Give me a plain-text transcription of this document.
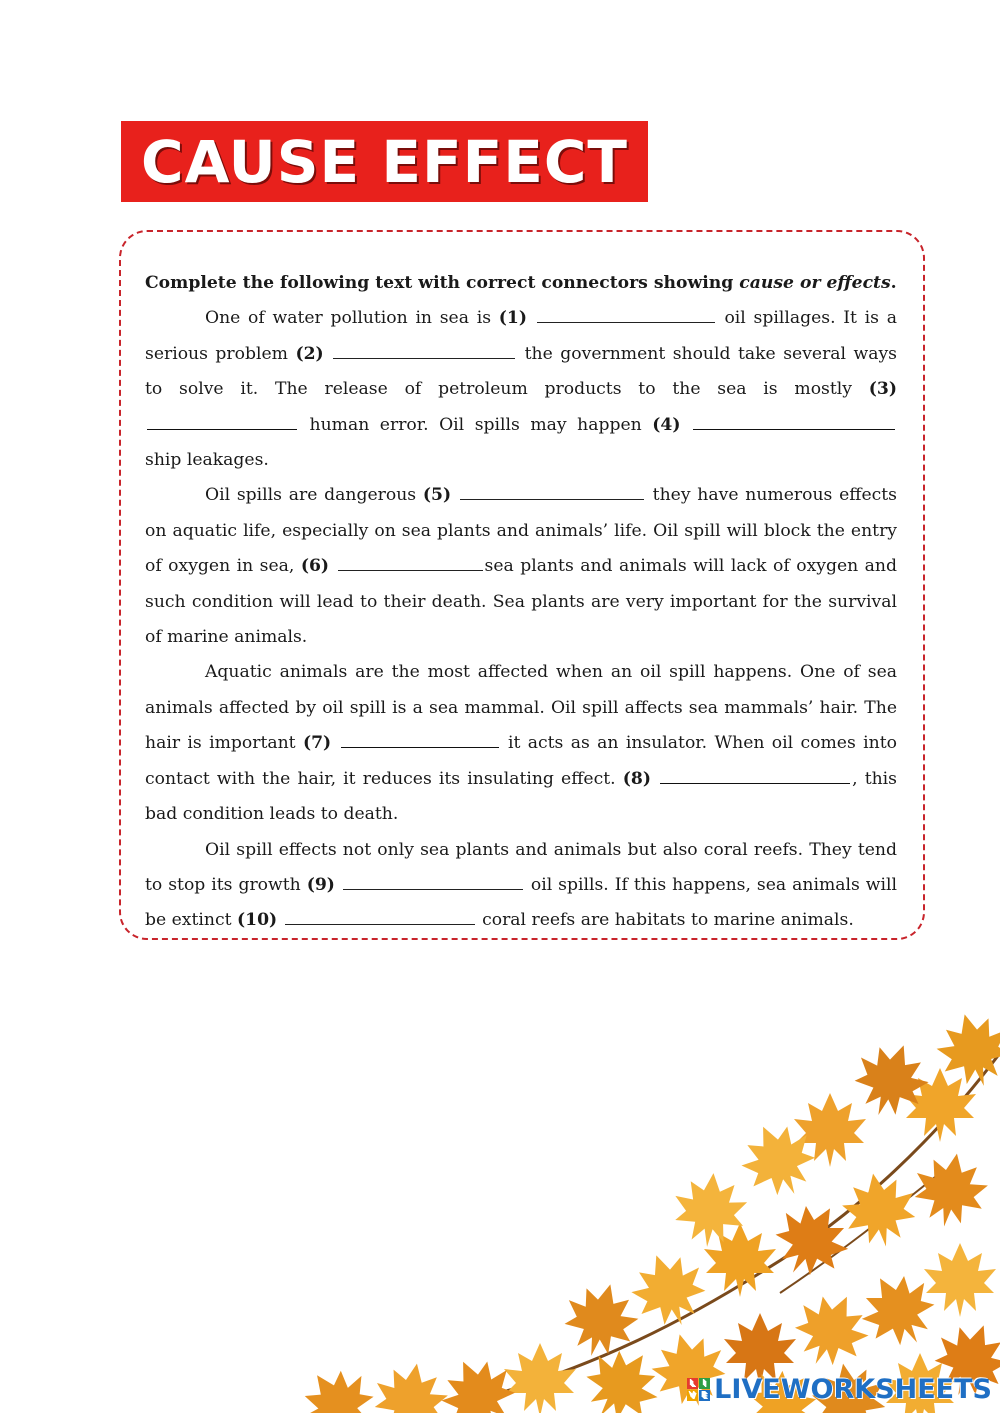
CAUSE EFFECT

Complete the following text with correct connectors showing cause or effects.

One of water pollution in sea is (1)	oil spillages. It is a serious problem (2)	the government should take several ways to solve it. The release of petroleum products to the sea is mostly (3)  human error. Oil spills may happen (4)  ship leakages.

Oil spills are dangerous (5)	they have numerous effects on aquatic life, especially on sea plants and animals’ life. Oil spill will block the entry of oxygen in sea, (6)	sea plants and animals will lack of oxygen and such condition will lead to their death. Sea plants are very important for the survival of marine animals.

Aquatic animals are the most affected when an oil spill happens. One of sea animals affected by oil spill is a sea mammal. Oil spill affects sea mammals’ hair. The hair is important (7)	it acts as an insulator. When oil comes into contact with the hair, it reduces its insulating effect. (8)	, this bad condition leads to death.

Oil spill effects not only sea plants and animals but also coral reefs. They tend to stop its growth (9)	oil spills. If this happens, sea animals will be extinct (10)	coral reefs are habitats to marine animals.

L I
V E LIVEWORKSHEETS
